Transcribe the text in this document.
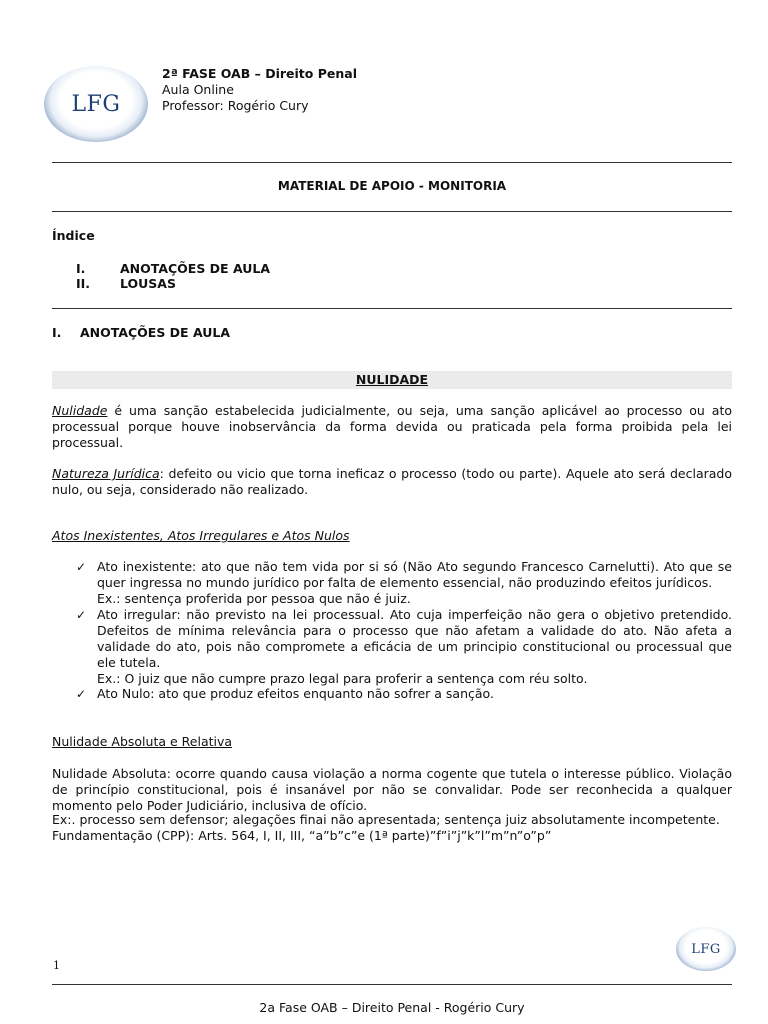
LFG
2ª FASE OAB – Direito Penal
Aula Online
Professor: Rogério Cury
MATERIAL DE APOIO - MONITORIA
Índice
I.	ANOTAÇÕES DE AULA
II. LOUSAS
I. ANOTAÇÕES DE AULA
NULIDADE
Nulidade é uma sanção estabelecida judicialmente, ou seja, uma sanção aplicável ao processo ou ato processual porque houve inobservância da forma devida ou praticada pela forma proibida pela lei processual.
Natureza Jurídica: defeito ou vicio que torna ineficaz o processo (todo ou parte). Aquele ato será declarado nulo, ou seja, considerado não realizado.
Atos Inexistentes, Atos Irregulares e Atos Nulos
✓ Ato inexistente: ato que não tem vida por si só (Não Ato segundo Francesco Carnelutti). Ato que se quer ingressa no mundo jurídico por falta de elemento essencial, não produzindo efeitos jurídicos.
Ex.: sentença proferida por pessoa que não é juiz.
✓ Ato irregular: não previsto na lei processual. Ato cuja imperfeição não gera o objetivo pretendido. Defeitos de mínima relevância para o processo que não afetam a validade do ato. Não afeta a validade do ato, pois não compromete a eficácia de um principio constitucional ou processual que ele tutela.
Ex.: O juiz que não cumpre prazo legal para proferir a sentença com réu solto.
✓ Ato Nulo: ato que produz efeitos enquanto não sofrer a sanção.
Nulidade Absoluta e Relativa
Nulidade Absoluta: ocorre quando causa violação a norma cogente que tutela o interesse público. Violação de princípio constitucional, pois é insanável por não se convalidar. Pode ser reconhecida a qualquer momento pelo Poder Judiciário, inclusiva de ofício.
Ex:. processo sem defensor; alegações finai não apresentada; sentença juiz absolutamente incompetente.
Fundamentação (CPP): Arts. 564, I, II, III, “a”b”c”e (1ª parte)”f”i”j”k”l”m”n”o”p”
1
LFG
2a Fase OAB – Direito Penal - Rogério Cury
